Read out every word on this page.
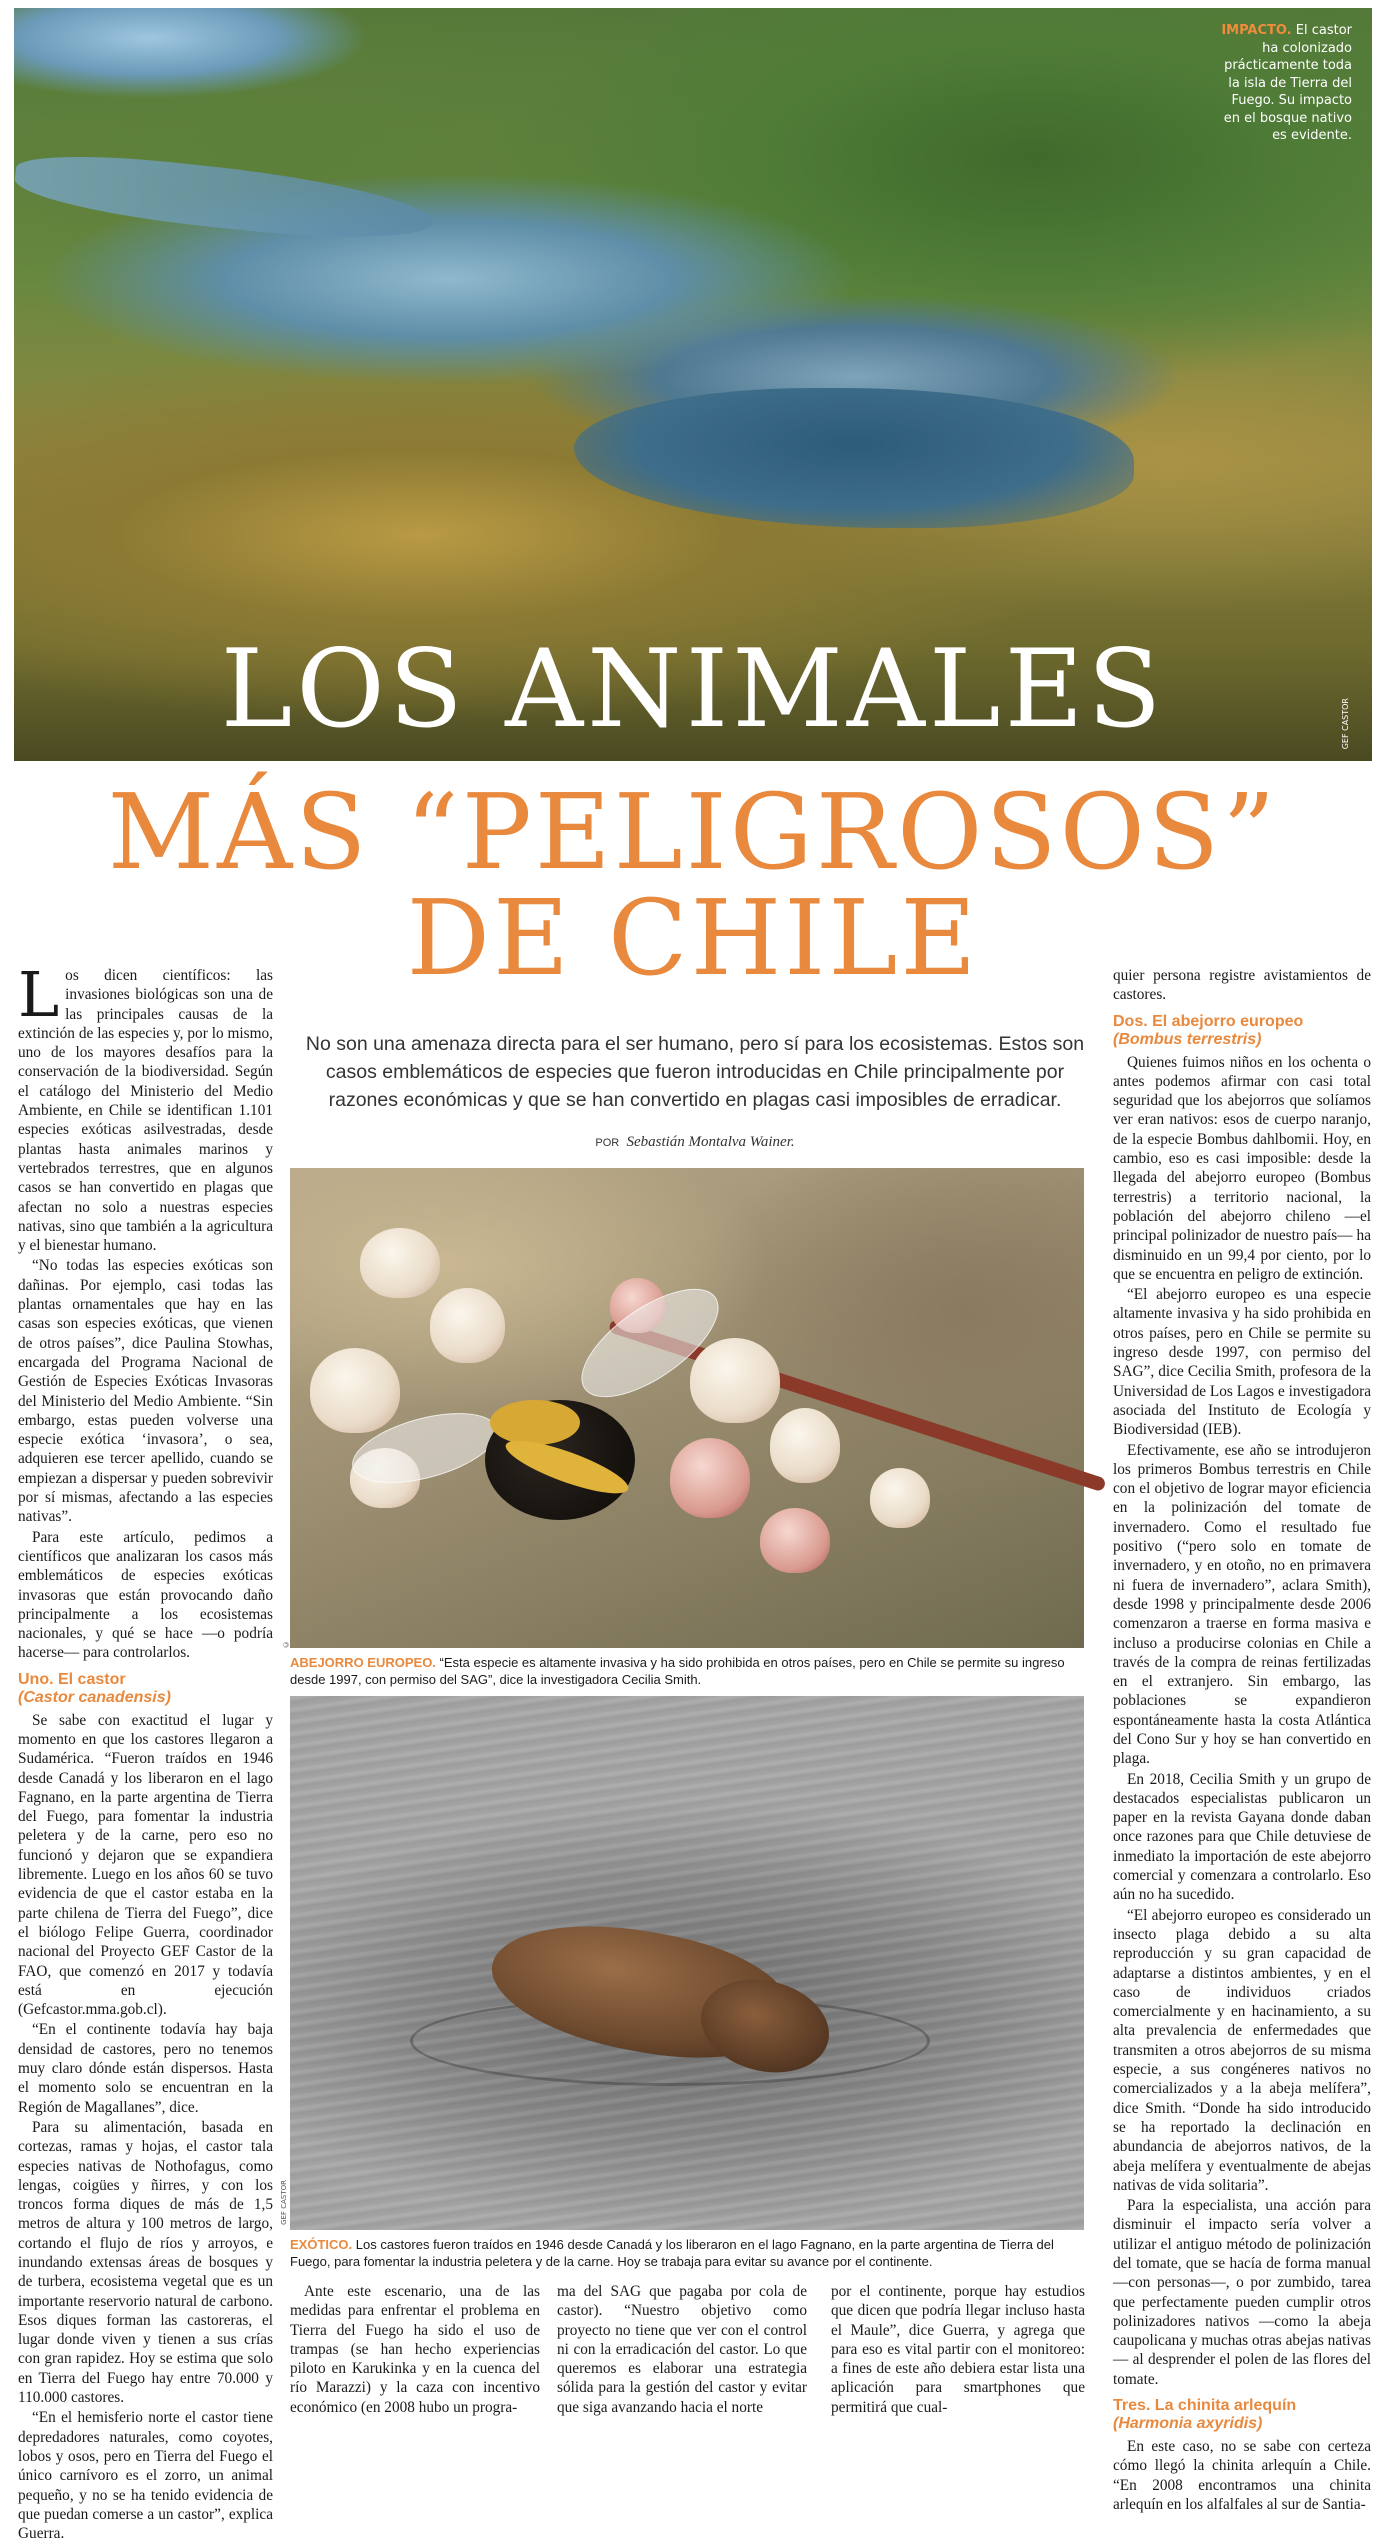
IMPACTO. El castor ha colonizado prácticamente toda la isla de Tierra del Fuego. Su impacto en el bosque nativo es evidente.
LOS ANIMALES	GEF CASTOR
MÁS “PELIGROSOS”
DE CHILE
No son una amenaza directa para el ser humano, pero sí para los ecosistemas. Estos son casos emblemáticos de especies que fueron introducidas en Chile principalmente por razones económicas y que se han convertido en plagas casi imposibles de erradicar.
POR Sebastián Montalva Wainer.

Los dicen científicos: las invasiones biológicas son una de las principales causas de la extinción de las especies y, por lo mismo, uno de los mayores desafíos para la conservación de la biodiversidad. Según el catálogo del Ministerio del Medio Ambiente, en Chile se identifican 1.101 especies exóticas asilvestradas, desde plantas hasta animales marinos y vertebrados terrestres, que en algunos casos se han convertido en plagas que afectan no solo a nuestras especies nativas, sino que también a la agricultura y el bienestar humano.

“No todas las especies exóticas son dañinas. Por ejemplo, casi todas las plantas ornamentales que hay en las casas son especies exóticas, que vienen de otros países”, dice Paulina Stowhas, encargada del Programa Nacional de Gestión de Especies Exóticas Invasoras del Ministerio del Medio Ambiente. “Sin embargo, estas pueden volverse una especie exótica ‘invasora’, o sea, adquieren ese tercer apellido, cuando se empiezan a dispersar y pueden sobrevivir por sí mismas, afectando a las especies nativas”.

Para este artículo, pedimos a científicos que analizaran los casos más emblemáticos de especies exóticas invasoras que están provocando daño principalmente a los ecosistemas nacionales, y qué se hace —o podría hacerse— para controlarlos.

Uno. El castor
(Castor canadensis)

Se sabe con exactitud el lugar y momento en que los castores llegaron a Sudamérica. “Fueron traídos en 1946 desde Canadá y los liberaron en el lago Fagnano, en la parte argentina de Tierra del Fuego, para fomentar la industria peletera y de la carne, pero eso no funcionó y dejaron que se expandiera libremente. Luego en los años 60 se tuvo evidencia de que el castor estaba en la parte chilena de Tierra del Fuego”, dice el biólogo Felipe Guerra, coordinador nacional del Proyecto GEF Castor de la FAO, que comenzó en 2017 y todavía está en ejecución (Gefcastor.mma.gob.cl).

“En el continente todavía hay baja densidad de castores, pero no tenemos muy claro dónde están dispersos. Hasta el momento solo se encuentran en la Región de Magallanes”, dice.

Para su alimentación, basada en cortezas, ramas y hojas, el castor tala especies nativas de Nothofagus, como lengas, coigües y ñirres, y con los troncos forma diques de más de 1,5 metros de altura y 100 metros de largo, cortando el flujo de ríos y arroyos, e inundando extensas áreas de bosques y de turbera, ecosistema vegetal que es un importante reservorio natural de carbono. Esos diques forman las castoreras, el lugar donde viven y tienen a sus crías con gran rapidez. Hoy se estima que solo en Tierra del Fuego hay entre 70.000 y 110.000 castores.

“En el hemisferio norte el castor tiene depredadores naturales, como coyotes, lobos y osos, pero en Tierra del Fuego el único carnívoro es el zorro, un animal pequeño, y no se ha tenido evidencia de que puedan comerse a un castor”, explica Guerra.

©
ABEJORRO EUROPEO. “Esta especie es altamente invasiva y ha sido prohibida en otros países, pero en Chile se permite su ingreso desde 1997, con permiso del SAG”, dice la investigadora Cecilia Smith.
GEF CASTOR
EXÓTICO. Los castores fueron traídos en 1946 desde Canadá y los liberaron en el lago Fagnano, en la parte argentina de Tierra del Fuego, para fomentar la industria peletera y de la carne. Hoy se trabaja para evitar su avance por el continente.

Ante este escenario, una de las medidas para enfrentar el problema en Tierra del Fuego ha sido el uso de trampas (se han hecho experiencias piloto en Karukinka y en la cuenca del río Marazzi) y la caza con incentivo económico (en 2008 hubo un progra-

ma del SAG que pagaba por cola de castor). “Nuestro objetivo como proyecto no tiene que ver con el control ni con la erradicación del castor. Lo que queremos es elaborar una estrategia sólida para la gestión del castor y evitar que siga avanzando hacia el norte

por el continente, porque hay estudios que dicen que podría llegar incluso hasta el Maule”, dice Guerra, y agrega que para eso es vital partir con el monitoreo: a fines de este año debiera estar lista una aplicación para smartphones que permitirá que cual-

quier persona registre avistamientos de castores.

Dos. El abejorro europeo
(Bombus terrestris)

Quienes fuimos niños en los ochenta o antes podemos afirmar con casi total seguridad que los abejorros que solíamos ver eran nativos: esos de cuerpo naranjo, de la especie Bombus dahlbomii. Hoy, en cambio, eso es casi imposible: desde la llegada del abejorro europeo (Bombus terrestris) a territorio nacional, la población del abejorro chileno —el principal polinizador de nuestro país— ha disminuido en un 99,4 por ciento, por lo que se encuentra en peligro de extinción.

“El abejorro europeo es una especie altamente invasiva y ha sido prohibida en otros países, pero en Chile se permite su ingreso desde 1997, con permiso del SAG”, dice Cecilia Smith, profesora de la Universidad de Los Lagos e investigadora asociada del Instituto de Ecología y Biodiversidad (IEB).

Efectivamente, ese año se introdujeron los primeros Bombus terrestris en Chile con el objetivo de lograr mayor eficiencia en la polinización del tomate de invernadero. Como el resultado fue positivo (“pero solo en tomate de invernadero, y en otoño, no en primavera ni fuera de invernadero”, aclara Smith), desde 1998 y principalmente desde 2006 comenzaron a traerse en forma masiva e incluso a producirse colonias en Chile a través de la compra de reinas fertilizadas en el extranjero. Sin embargo, las poblaciones se expandieron espontáneamente hasta la costa Atlántica del Cono Sur y hoy se han convertido en plaga.

En 2018, Cecilia Smith y un grupo de destacados especialistas publicaron un paper en la revista Gayana donde daban once razones para que Chile detuviese de inmediato la importación de este abejorro comercial y comenzara a controlarlo. Eso aún no ha sucedido.

“El abejorro europeo es considerado un insecto plaga debido a su alta reproducción y su gran capacidad de adaptarse a distintos ambientes, y en el caso de individuos criados comercialmente y en hacinamiento, a su alta prevalencia de enfermedades que transmiten a otros abejorros de su misma especie, a sus congéneres nativos no comercializados y a la abeja melífera”, dice Smith. “Donde ha sido introducido se ha reportado la declinación en abundancia de abejorros nativos, de la abeja melífera y eventualmente de abejas nativas de vida solitaria”.

Para la especialista, una acción para disminuir el impacto sería volver a utilizar el antiguo método de polinización del tomate, que se hacía de forma manual —con personas—, o por zumbido, tarea que perfectamente pueden cumplir otros polinizadores nativos —como la abeja caupolicana y muchas otras abejas nativas— al desprender el polen de las flores del tomate.

Tres. La chinita arlequín
(Harmonia axyridis)

En este caso, no se sabe con certeza cómo llegó la chinita arlequín a Chile. “En 2008 encontramos una chinita arlequín en los alfalfales al sur de Santia-
